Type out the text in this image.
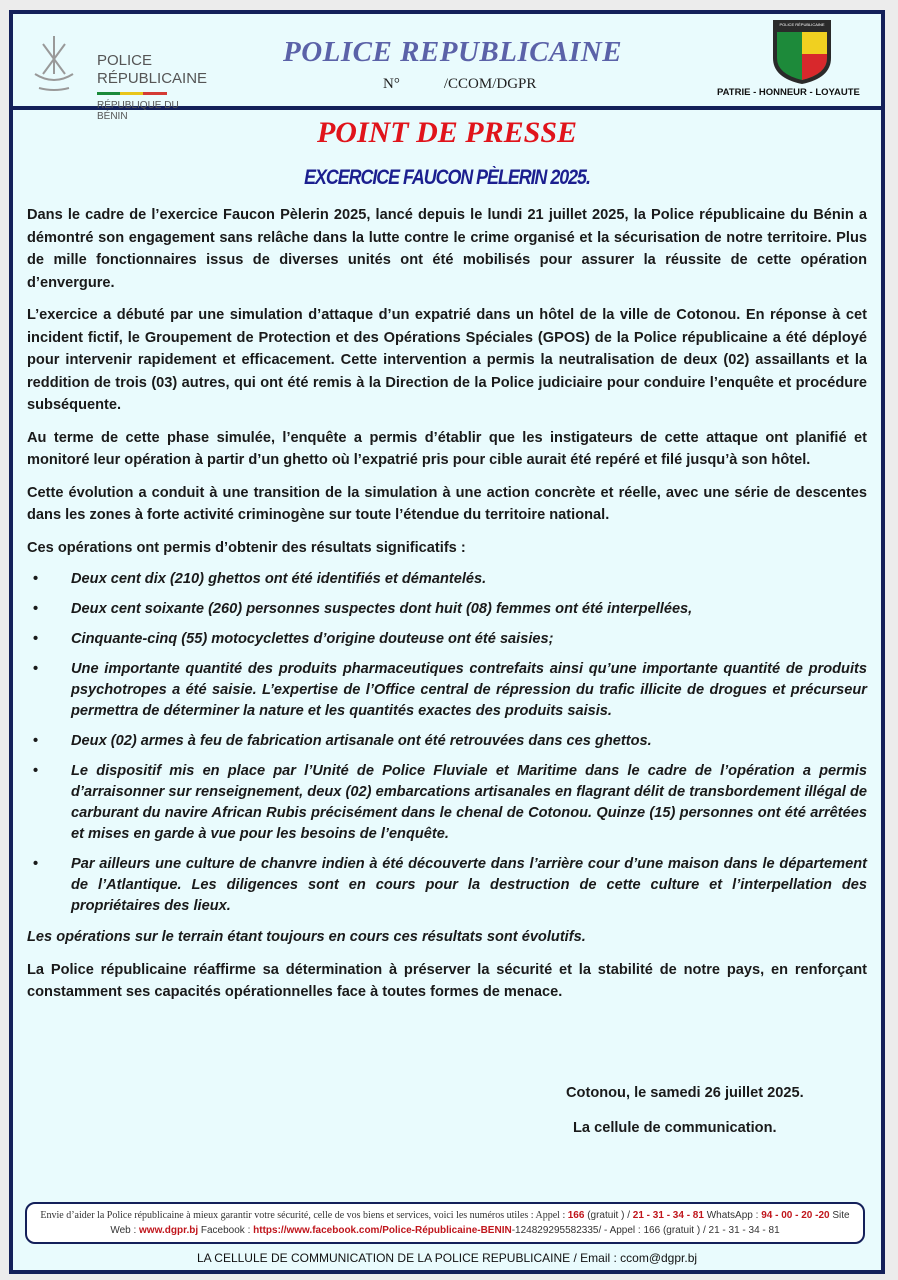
POLICE
RÉPUBLICAINE
RÉPUBLIQUE DU BÉNIN
POLICE REPUBLICAINE
N°	/CCOM/DGPR
POLICE RÉPUBLICAINE
PATRIE - HONNEUR - LOYAUTE
POINT DE PRESSE
EXCERCICE FAUCON PÈLERIN 2025.

Dans le cadre de l’exercice Faucon Pèlerin 2025, lancé depuis le lundi 21 juillet 2025, la Police républicaine du Bénin a démontré son engagement sans relâche dans la lutte contre le crime organisé et la sécurisation de notre territoire. Plus de mille fonctionnaires issus de diverses unités ont été mobilisés pour assurer la réussite de cette opération d’envergure.

L’exercice a débuté par une simulation d’attaque d’un expatrié dans un hôtel de la ville de Cotonou. En réponse à cet incident fictif, le Groupement de Protection et des Opérations Spéciales (GPOS) de la Police républicaine a été déployé pour intervenir rapidement et efficacement. Cette intervention a permis la neutralisation de deux (02) assaillants et la reddition de trois (03) autres, qui ont été remis à la Direction de la Police judiciaire pour conduire l’enquête et procédure subséquente.

Au terme de cette phase simulée, l’enquête a permis d’établir que les instigateurs de cette attaque ont planifié et monitoré leur opération à partir d’un ghetto où l’expatrié pris pour cible aurait été repéré et filé jusqu’à son hôtel.

Cette évolution a conduit à une transition de la simulation à une action concrète et réelle, avec une série de descentes dans les zones à forte activité criminogène sur toute l’étendue du territoire national.

Ces opérations ont permis d’obtenir des résultats significatifs :

• Deux cent dix (210) ghettos ont été identifiés et démantelés.
• Deux cent soixante (260) personnes suspectes dont huit (08) femmes ont été interpellées,
• Cinquante-cinq (55) motocyclettes d’origine douteuse ont été saisies;
• Une importante quantité des produits pharmaceutiques contrefaits ainsi qu’une importante quantité de produits psychotropes a été saisie. L’expertise de l’Office central de répression du trafic illicite de drogues et précurseur permettra de déterminer la nature et les quantités exactes des produits saisis.
• Deux (02) armes à feu de fabrication artisanale ont été retrouvées dans ces ghettos.
• Le dispositif mis en place par l’Unité de Police Fluviale et Maritime dans le cadre de l’opération a permis d’arraisonner sur renseignement, deux (02) embarcations artisanales en flagrant délit de transbordement illégal de carburant du navire African Rubis précisément dans le chenal de Cotonou. Quinze (15) personnes ont été arrêtées et mises en garde à vue pour les besoins de l’enquête.
• Par ailleurs une culture de chanvre indien à été découverte dans l’arrière cour d’une maison dans le département de l’Atlantique. Les diligences sont en cours pour la destruction de cette culture et l’interpellation des propriétaires des lieux.

Les opérations sur le terrain étant toujours en cours ces résultats sont évolutifs.

La Police républicaine réaffirme sa détermination à préserver la sécurité et la stabilité de notre pays, en renforçant constamment ses capacités opérationnelles face à toutes formes de menace.

Cotonou, le samedi 26 juillet 2025.
La cellule de communication.
Envie d’aider la Police républicaine à mieux garantir votre sécurité, celle de vos biens et services, voici les numéros utiles : Appel : 166 (gratuit ) / 21 - 31 - 34 - 81 WhatsApp : 94 - 00 - 20 -20 Site Web : www.dgpr.bj Facebook : https://www.facebook.com/Police-Républicaine-BENIN-124829295582335/ - Appel : 166 (gratuit ) / 21 - 31 - 34 - 81
LA CELLULE DE COMMUNICATION DE LA POLICE REPUBLICAINE / Email : ccom@dgpr.bj
